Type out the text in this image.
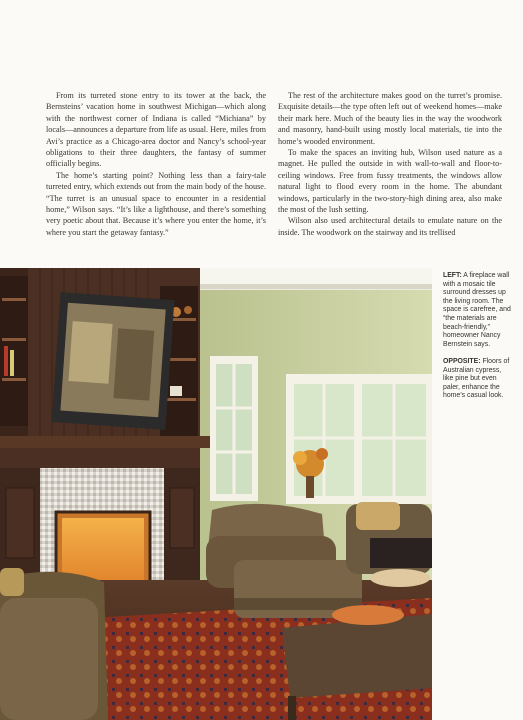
From its turreted stone entry to its tower at the back, the Bernsteins’ vacation home in southwest Michigan—which along with the northwest corner of Indiana is called “Michiana” by locals—announces a departure from life as usual. Here, miles from Avi’s practice as a Chicago-area doctor and Nancy’s school-year obligations to their three daughters, the fantasy of summer officially begins.

The home’s starting point? Nothing less than a fairy-tale turreted entry, which extends out from the main body of the house. “The turret is an unusual space to encounter in a residential home,” Wilson says. “It’s like a lighthouse, and there’s something very poetic about that. Because it’s where you enter the home, it’s where you start the getaway fantasy.”

The rest of the architecture makes good on the turret’s promise. Exquisite details—the type often left out of weekend homes—make their mark here. Much of the beauty lies in the way the woodwork and masonry, hand-built using mostly local materials, tie into the home’s wooded environment.

To make the spaces an inviting hub, Wilson used nature as a magnet. He pulled the outside in with wall-to-wall and floor-to-ceiling windows. Free from fussy treatments, the windows allow natural light to flood every room in the home. The abundant windows, particularly in the two-story-high dining area, also make the most of the lush setting.

Wilson also used architectural details to emulate nature on the inside. The woodwork on the stairway and its trellised

LEFT: A fireplace wall with a mosaic tile surround dresses up the living room. The space is carefree, and “the materials are beach-friendly,” homeowner Nancy Bernstein says.
OPPOSITE: Floors of Australian cypress, like pine but even paler, enhance the home’s casual look.
